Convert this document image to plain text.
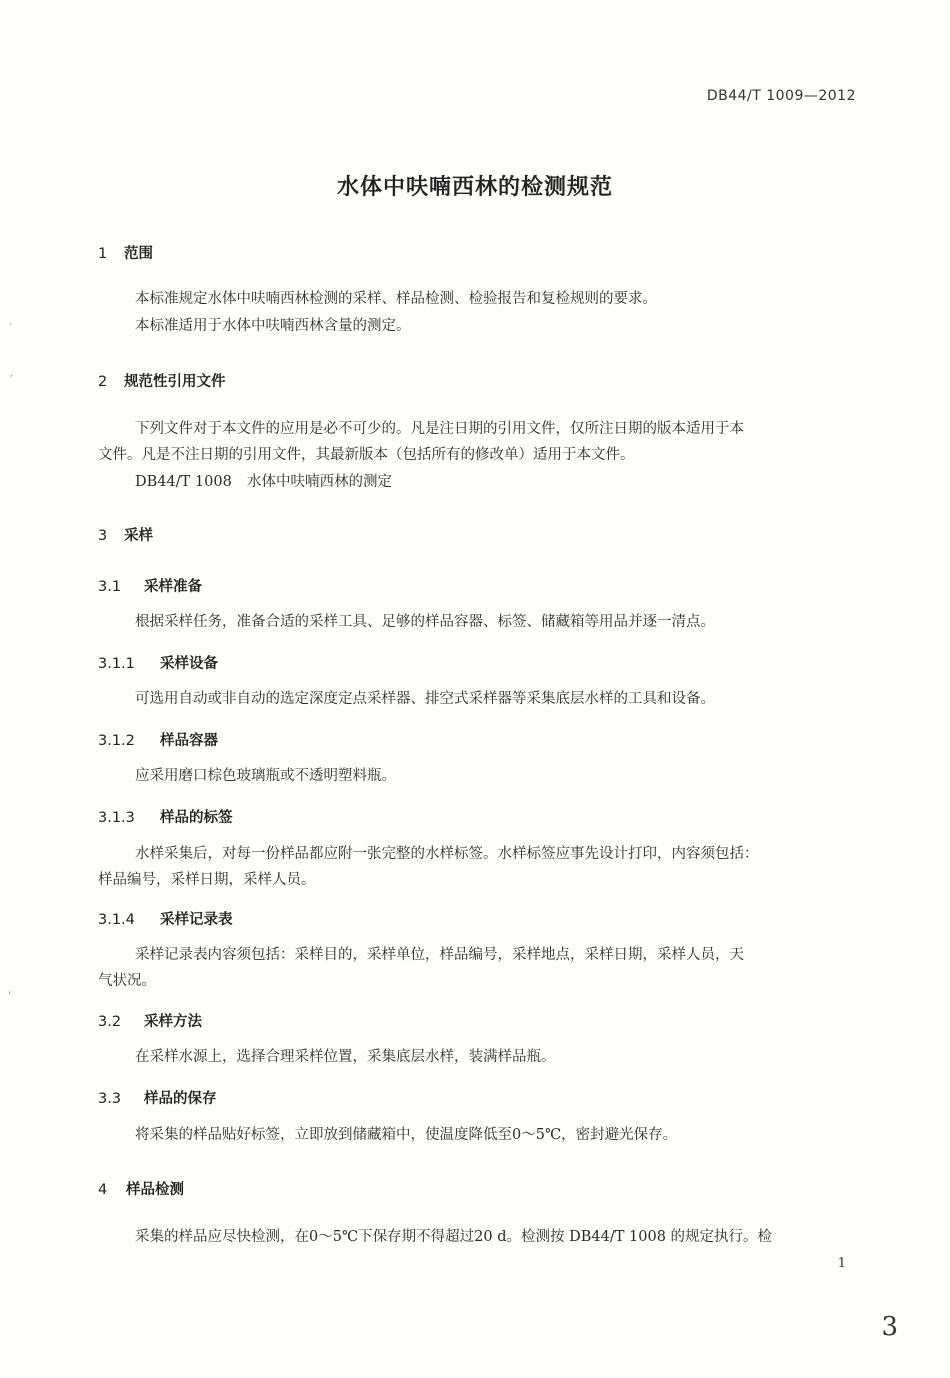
DB44/T 1009—2012
水体中呋喃西林的检测规范
1 范围
本标准规定水体中呋喃西林检测的采样、样品检测、检验报告和复检规则的要求。
本标准适用于水体中呋喃西林含量的测定。
2 规范性引用文件
下列文件对于本文件的应用是必不可少的。凡是注日期的引用文件，仅所注日期的版本适用于本
文件。凡是不注日期的引用文件，其最新版本（包括所有的修改单）适用于本文件。
DB44/T 1008 水体中呋喃西林的测定
3 采样
3.1 采样准备
根据采样任务，准备合适的采样工具、足够的样品容器、标签、储藏箱等用品并逐一清点。
3.1.1 采样设备
可选用自动或非自动的选定深度定点采样器、排空式采样器等采集底层水样的工具和设备。
3.1.2 样品容器
应采用磨口棕色玻璃瓶或不透明塑料瓶。
3.1.3 样品的标签
水样采集后，对每一份样品都应附一张完整的水样标签。水样标签应事先设计打印，内容须包括：
样品编号，采样日期，采样人员。
3.1.4 采样记录表
采样记录表内容须包括：采样目的，采样单位，样品编号，采样地点，采样日期，采样人员，天
气状况。
3.2 采样方法
在采样水源上，选择合理采样位置，采集底层水样，装满样品瓶。
3.3 样品的保存
将采集的样品贴好标签，立即放到储藏箱中，使温度降低至0～5℃，密封避光保存。
4 样品检测
采集的样品应尽快检测，在0～5℃下保存期不得超过20 d。检测按 DB44/T 1008 的规定执行。检
1
3
˙
ˊ
ˈ
